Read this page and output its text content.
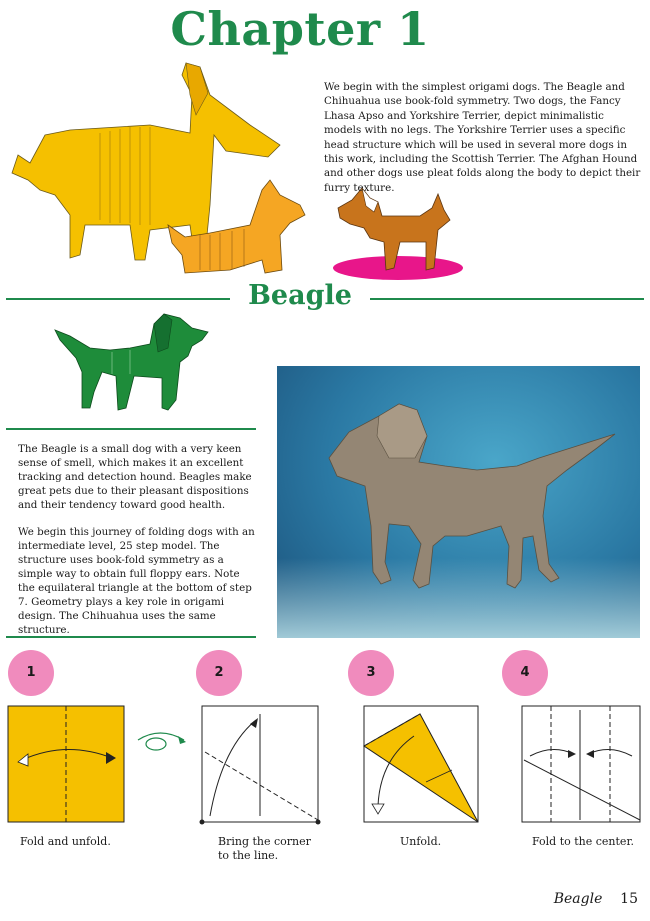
Chapter 1
We begin with the simplest origami dogs. The Beagle and Chihuahua use book-fold symmetry. Two dogs, the Fancy Lhasa Apso and Yorkshire Terrier, depict minimalistic models with no legs. The Yorkshire Terrier uses a specific head structure which will be used in several more dogs in this work, including the Scottish Terrier. The Afghan Hound and other dogs use pleat folds along the body to depict their furry texture.
Beagle

The Beagle is a small dog with a very keen sense of smell, which makes it an excellent tracking and detection hound. Beagles make great pets due to their pleasant dispositions and their tendency toward good health.

We begin this journey of folding dogs with an intermediate level, 25 step model. The structure uses book-fold symmetry as a simple way to obtain full floppy ears. Note the equilateral triangle at the bottom of step 7. Geometry plays a key role in origami design. The Chihuahua uses the same structure.

1	2	3	4
Fold and unfold.	Bring the corner
to the line.
Unfold.	Fold to the center.
Beagle 15
